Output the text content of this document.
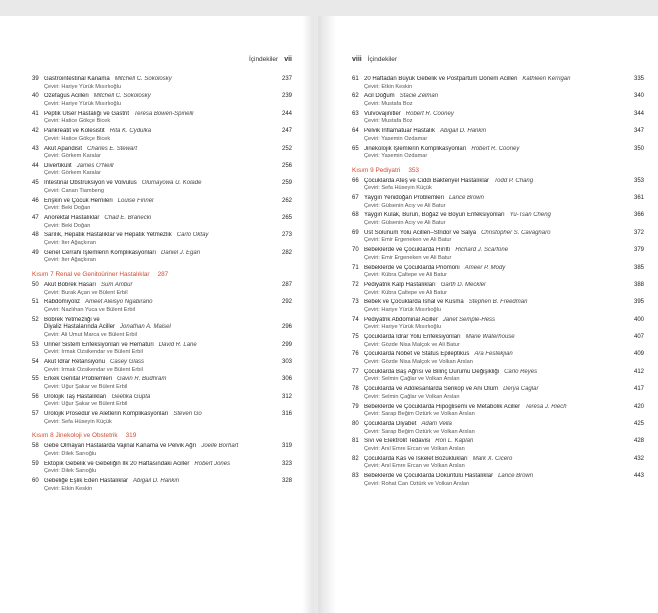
İçindekiler vii
39 Gastrointestinal Kanama Mitchell C. Sokolosky	237
Çeviri: Hariye Yürük Mısırlıoğlu
40 Özefagus Acilleri Mitchell C. Sokolosky	239
Çeviri: Hariye Yürük Mısırlıoğlu
41 Peptik Ülser Hastalığı ve Gastrit Teresa Bowen-Spinelli	244
Çeviri: Hatice Gökçe Bicek
42 Pankreatit ve Kolesistit Rita K. Cydulka	247
Çeviri: Hatice Gökçe Bicek
43 Akut Apandisit Charles E. Stewart	252
Çeviri: Görkem Karalar
44 Divertikülit James O'Neill	256
Çeviri: Görkem Karalar
45 İntestinal Obstrüksiyon ve Volvulus Olumayowa U. Kolade	259
Çeviri: Canan Tiambeng
46 Erişkin ve Çocuk Hernileri Louise Finnel	262
Çeviri: Beki Doğan
47 Anorektal Hastalıklar Chad E. Branecki	265
Çeviri: Beki Doğan
48 Sarılık, Hepatik Hastalıklar ve Hepatik Yetmezlik Carlo Oktay	273
Çeviri: İter Ağaçkıran
49 Genel Cerrahi İşlemlerin Komplikasyonları Daniel J. Egan	282
Çeviri: İter Ağaçkıran
Kısım 7 Renal ve Genitoüriner Hastalıklar 287
50 Akut Böbrek Hasarı Sum Ambur	287
Çeviri: Burak Açan ve Bülent Erbil
51 Rabdomiyoliz Ameet Aleisyo Ngabirano	292
Çeviri: Nazlıhan Yuca ve Bülent Erbil
52 Böbrek Yetmezliği ve
Diyaliz Hastalarında Aciller Jonathan A. Maisel	296
Çeviri: Ali Umut Marca ve Bülent Erbil
53 Üriner Sistem Enfeksiyonları ve Hematüri David R. Lane	299
Çeviri: Irmak Özsikendar ve Bülent Erbil
54 Akut İdrar Retansiyonu Casey Glass	303
Çeviri: Irmak Özsikendar ve Bülent Erbil
55 Erkek Genital Problemleri Gavin R. Budhram	306
Çeviri: Uğur Şakar ve Bülent Erbil
56 Ürolojik Taş Hastalıkları Geetika Gupta	312
Çeviri: Uğur Şakar ve Bülent Erbil
57 Ürolojik Prosedür ve Aletlerin Komplikasyonları Steven Go	316
Çeviri: Sefa Hüseyin Küçük
Kısım 8 Jinekoloji ve Obstetrik 319
58 Gebe Olmayan Hastalarda Vajinal Kanama ve Pelvik Ağrı Joelle Borhart	319
Çeviri: Dilek Sarıoğlu
59 Ektopik Gebelik ve Gebeliğin İlk 20 Haftasındaki Aciller Robert Jones	323
Çeviri: Dilek Sarıoğlu
60 Gebeliğe Eşlik Eden Hastalıklar Abigail D. Hankin	328
Çeviri: Etkin Keskin
viii İçindekiler
61 20 Haftadan Büyük Gebelik ve Postpartum Dönem Acilleri Kathleen Kerrigan	335
Çeviri: Etkin Keskin
62 Acil Doğum Stacie Zelman	340
Çeviri: Mustafa Boz
63 Vulvovajinitler Robert R. Cooney	344
Çeviri: Mustafa Boz
64 Pelvik İnflamatuar Hastalık Abigail D. Hankin	347
Çeviri: Yasemin Özdamar
65 Jinekolojik İşlemlerin Komplikasyonları Robert R. Cooney	350
Çeviri: Yasemin Özdamar
Kısım 9 Pediyatri 353
66 Çocuklarda Ateş ve Ciddi Bakteriyel Hastalıklar Todd P. Chang	353
Çeviri: Sefa Hüseyin Küçük
67 Yaygın Yenidoğan Problemleri Lance Brown	361
Çeviri: Gülsenin Acıy ve Ali Batur
68 Yaygın Kulak, Burun, Boğaz ve Boyun Enfeksiyonları Yu-Tsan Cheng	366
Çeviri: Gülsenin Acıy ve Ali Batur
69 Üst Solunum Yolu Acilleri–Stridor ve Salya Christopher S. Cavagnaro	372
Çeviri: Emir Ergeneken ve Ali Batur
70 Bebeklerde ve Çocuklarda Hırıltı Richard J. Scarfone	379
Çeviri: Emir Ergeneken ve Ali Batur
71 Bebeklerde ve Çocuklarda Pnömoni Ameer P. Mody	385
Çeviri: Kübra Çaltepe ve Ali Batur
72 Pediyatrik Kalp Hastalıkları Garth D. Meckler	388
Çeviri: Kübra Çaltepe ve Ali Batur
73 Bebek ve Çocuklarda İshal ve Kusma Stephen B. Freedman	395
Çeviri: Hariye Yürük Mısırlıoğlu
74 Pediyatrik Abdominal Aciller Janet Semple-Hess	400
Çeviri: Hariye Yürük Mısırlıoğlu
75 Çocuklarda İdrar Yolu Enfeksiyonları Marie Waterhouse	407
Çeviri: Gözde Nisa Malçok ve Ali Batur
76 Çocuklarda Nöbet ve Status Epileptikus Ara Festekjian	409
Çeviri: Gözde Nisa Malçok ve Volkan Arslan
77 Çocuklarda Baş Ağrısı ve Bilinç Durumu Değişikliği Carlo Reyes	412
Çeviri: Selmin Çağlar ve Volkan Arslan
78 Çocuklarda ve Adölesanlarda Senkop ve Ani Ölüm Derya Caglar	417
Çeviri: Selmin Çağlar ve Volkan Arslan
79 Bebeklerde ve Çocuklarda Hipoglisemi ve Metabolik Aciller Teresa J. Riech	420
Çeviri: Sarap Beğim Öztürk ve Volkan Arslan
80 Çocuklarda Diyabet Adam Vella	425
Çeviri: Sarap Beğim Öztürk ve Volkan Arslan
81 Sıvı ve Elektrolit Tedavisi Ron L. Kaplan	428
Çeviri: Anıl Emre Ercan ve Volkan Arslan
82 Çocuklarda Kas ve İskelet Bozuklukları Mark X. Cicero	432
Çeviri: Anıl Emre Ercan ve Volkan Arslan
83 Bebeklerde ve Çocuklarda Döküntülü Hastalıklar Lance Brown	443
Çeviri: Rohat Can Öztürk ve Volkan Arslan
